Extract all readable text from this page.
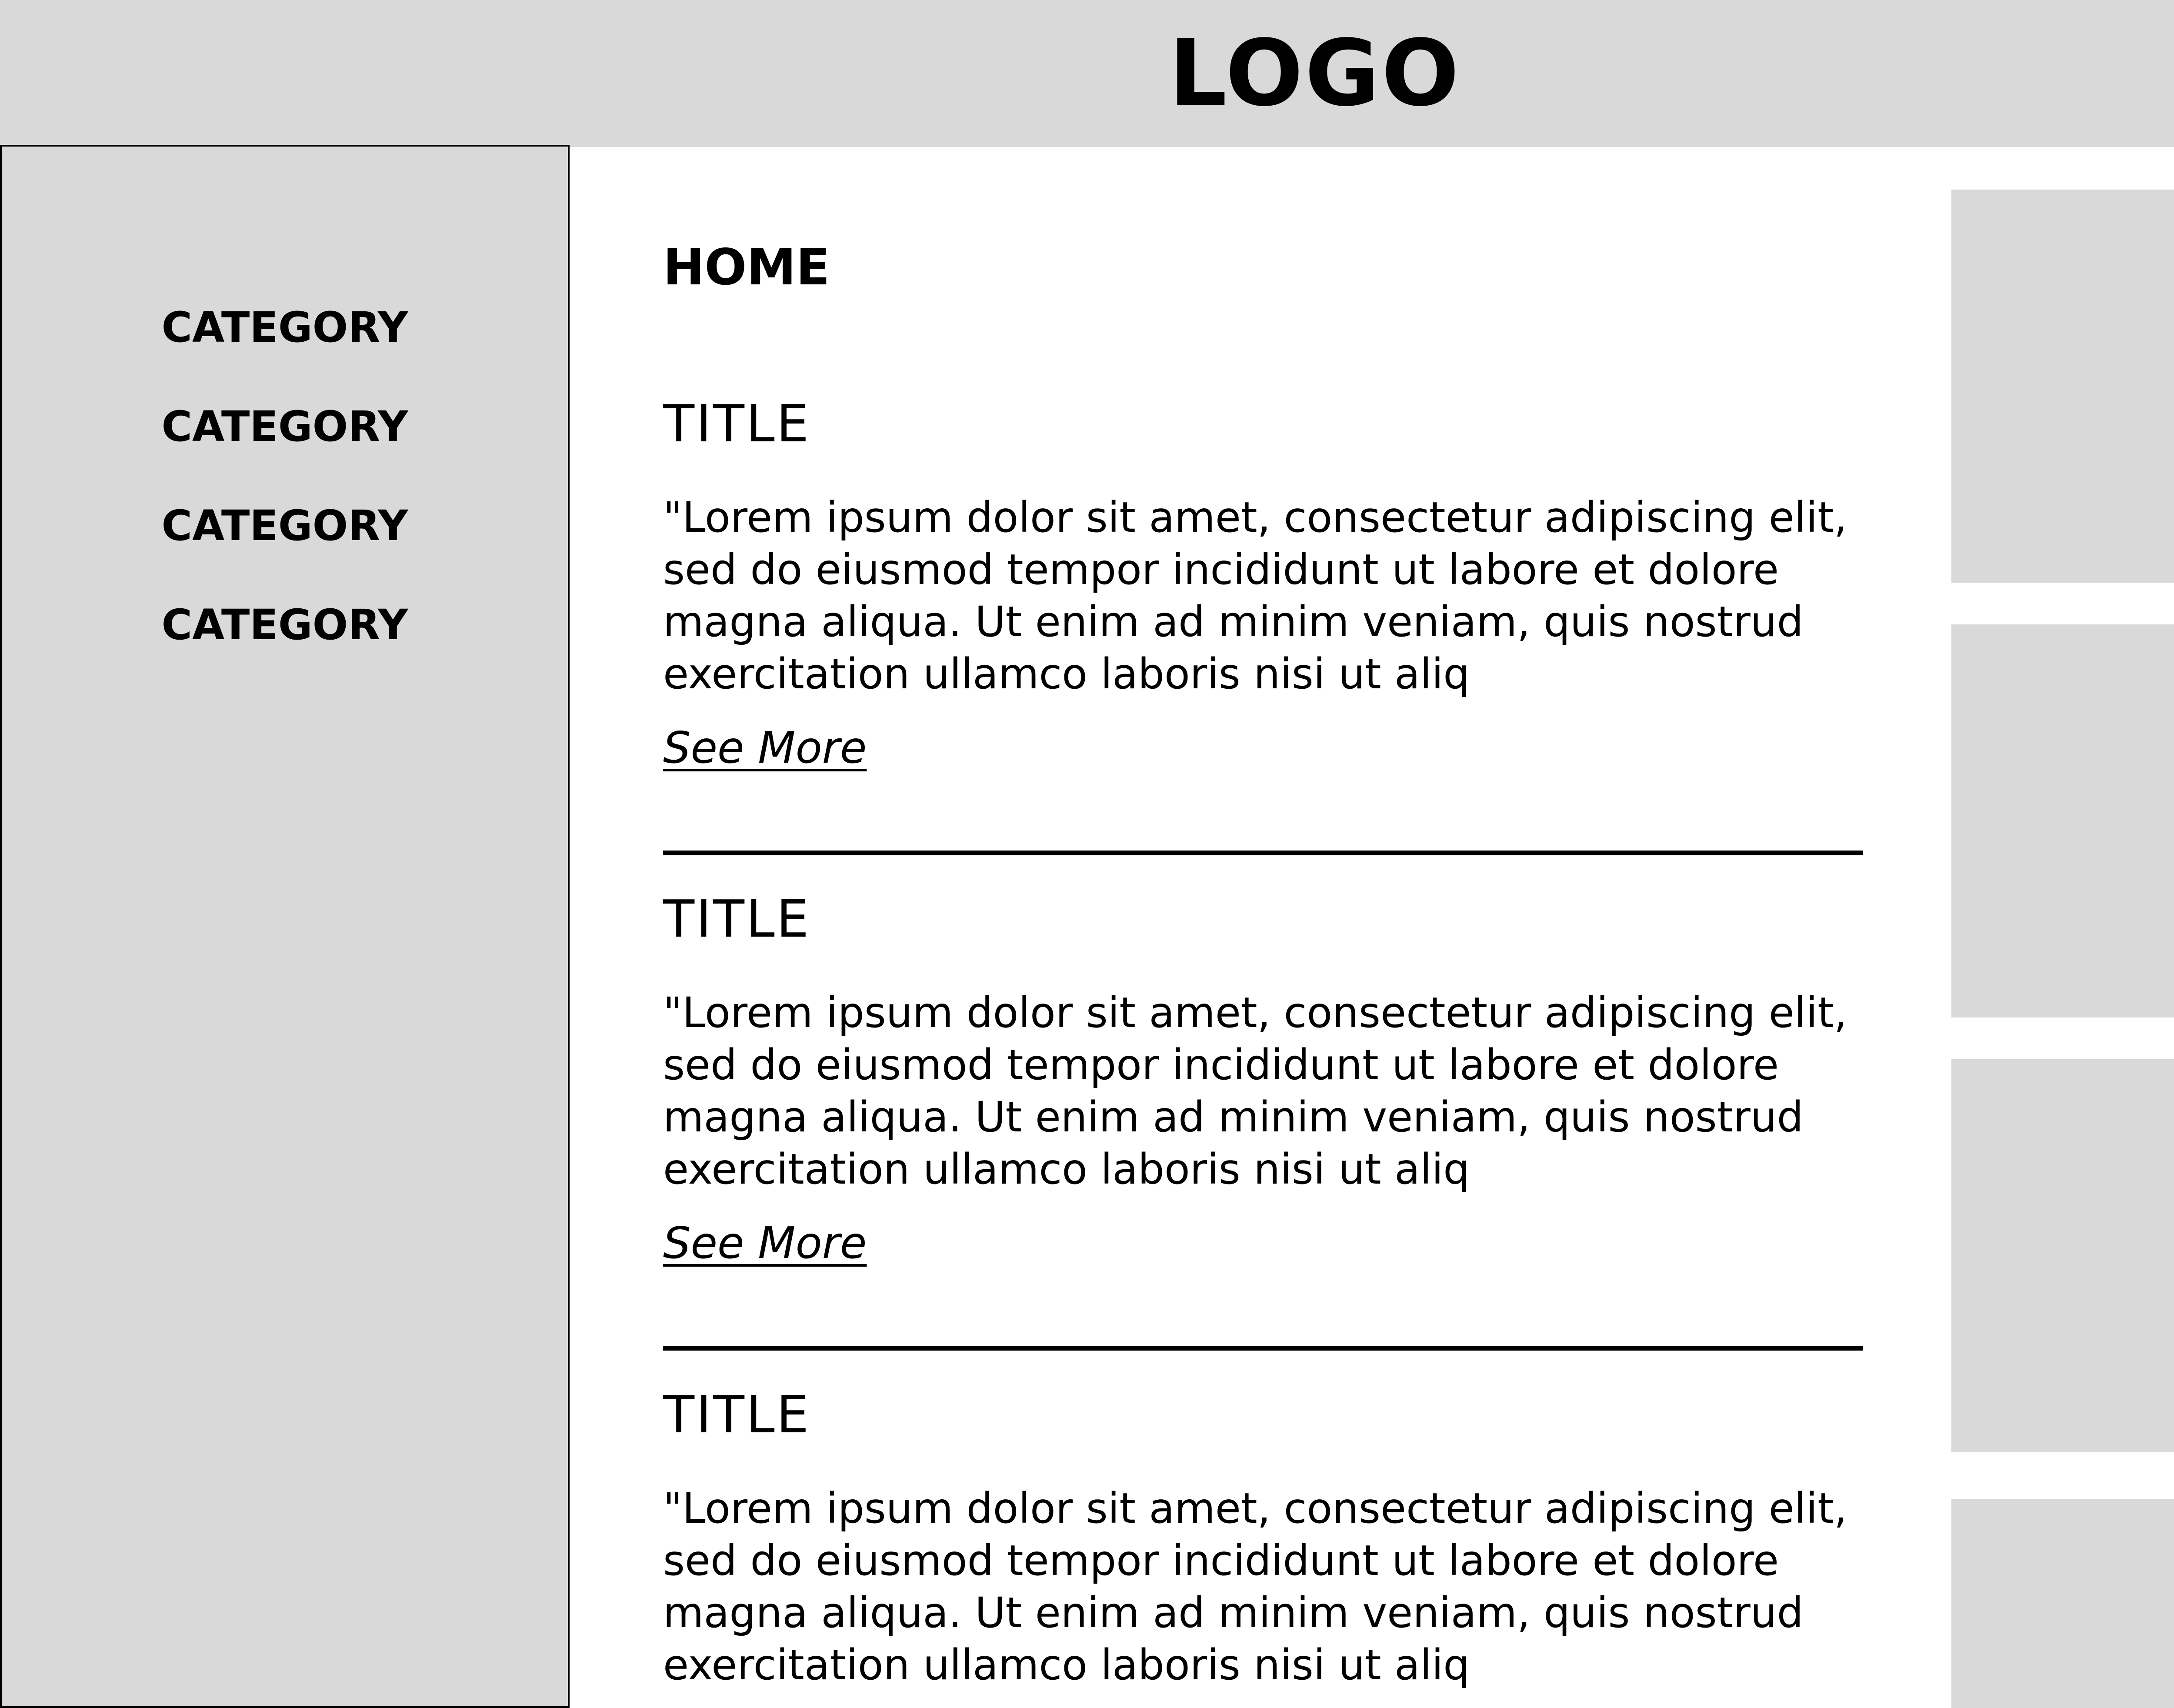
LOGO
CATEGORY
CATEGORY
CATEGORY
CATEGORY
HOME
TITLE
"Lorem ipsum dolor sit amet, consectetur adipiscing elit,
sed do eiusmod tempor incididunt ut labore et dolore
magna aliqua. Ut enim ad minim veniam, quis nostrud
exercitation ullamco laboris nisi ut aliq
See More
TITLE
"Lorem ipsum dolor sit amet, consectetur adipiscing elit,
sed do eiusmod tempor incididunt ut labore et dolore
magna aliqua. Ut enim ad minim veniam, quis nostrud
exercitation ullamco laboris nisi ut aliq
See More
TITLE
"Lorem ipsum dolor sit amet, consectetur adipiscing elit,
sed do eiusmod tempor incididunt ut labore et dolore
magna aliqua. Ut enim ad minim veniam, quis nostrud
exercitation ullamco laboris nisi ut aliq
